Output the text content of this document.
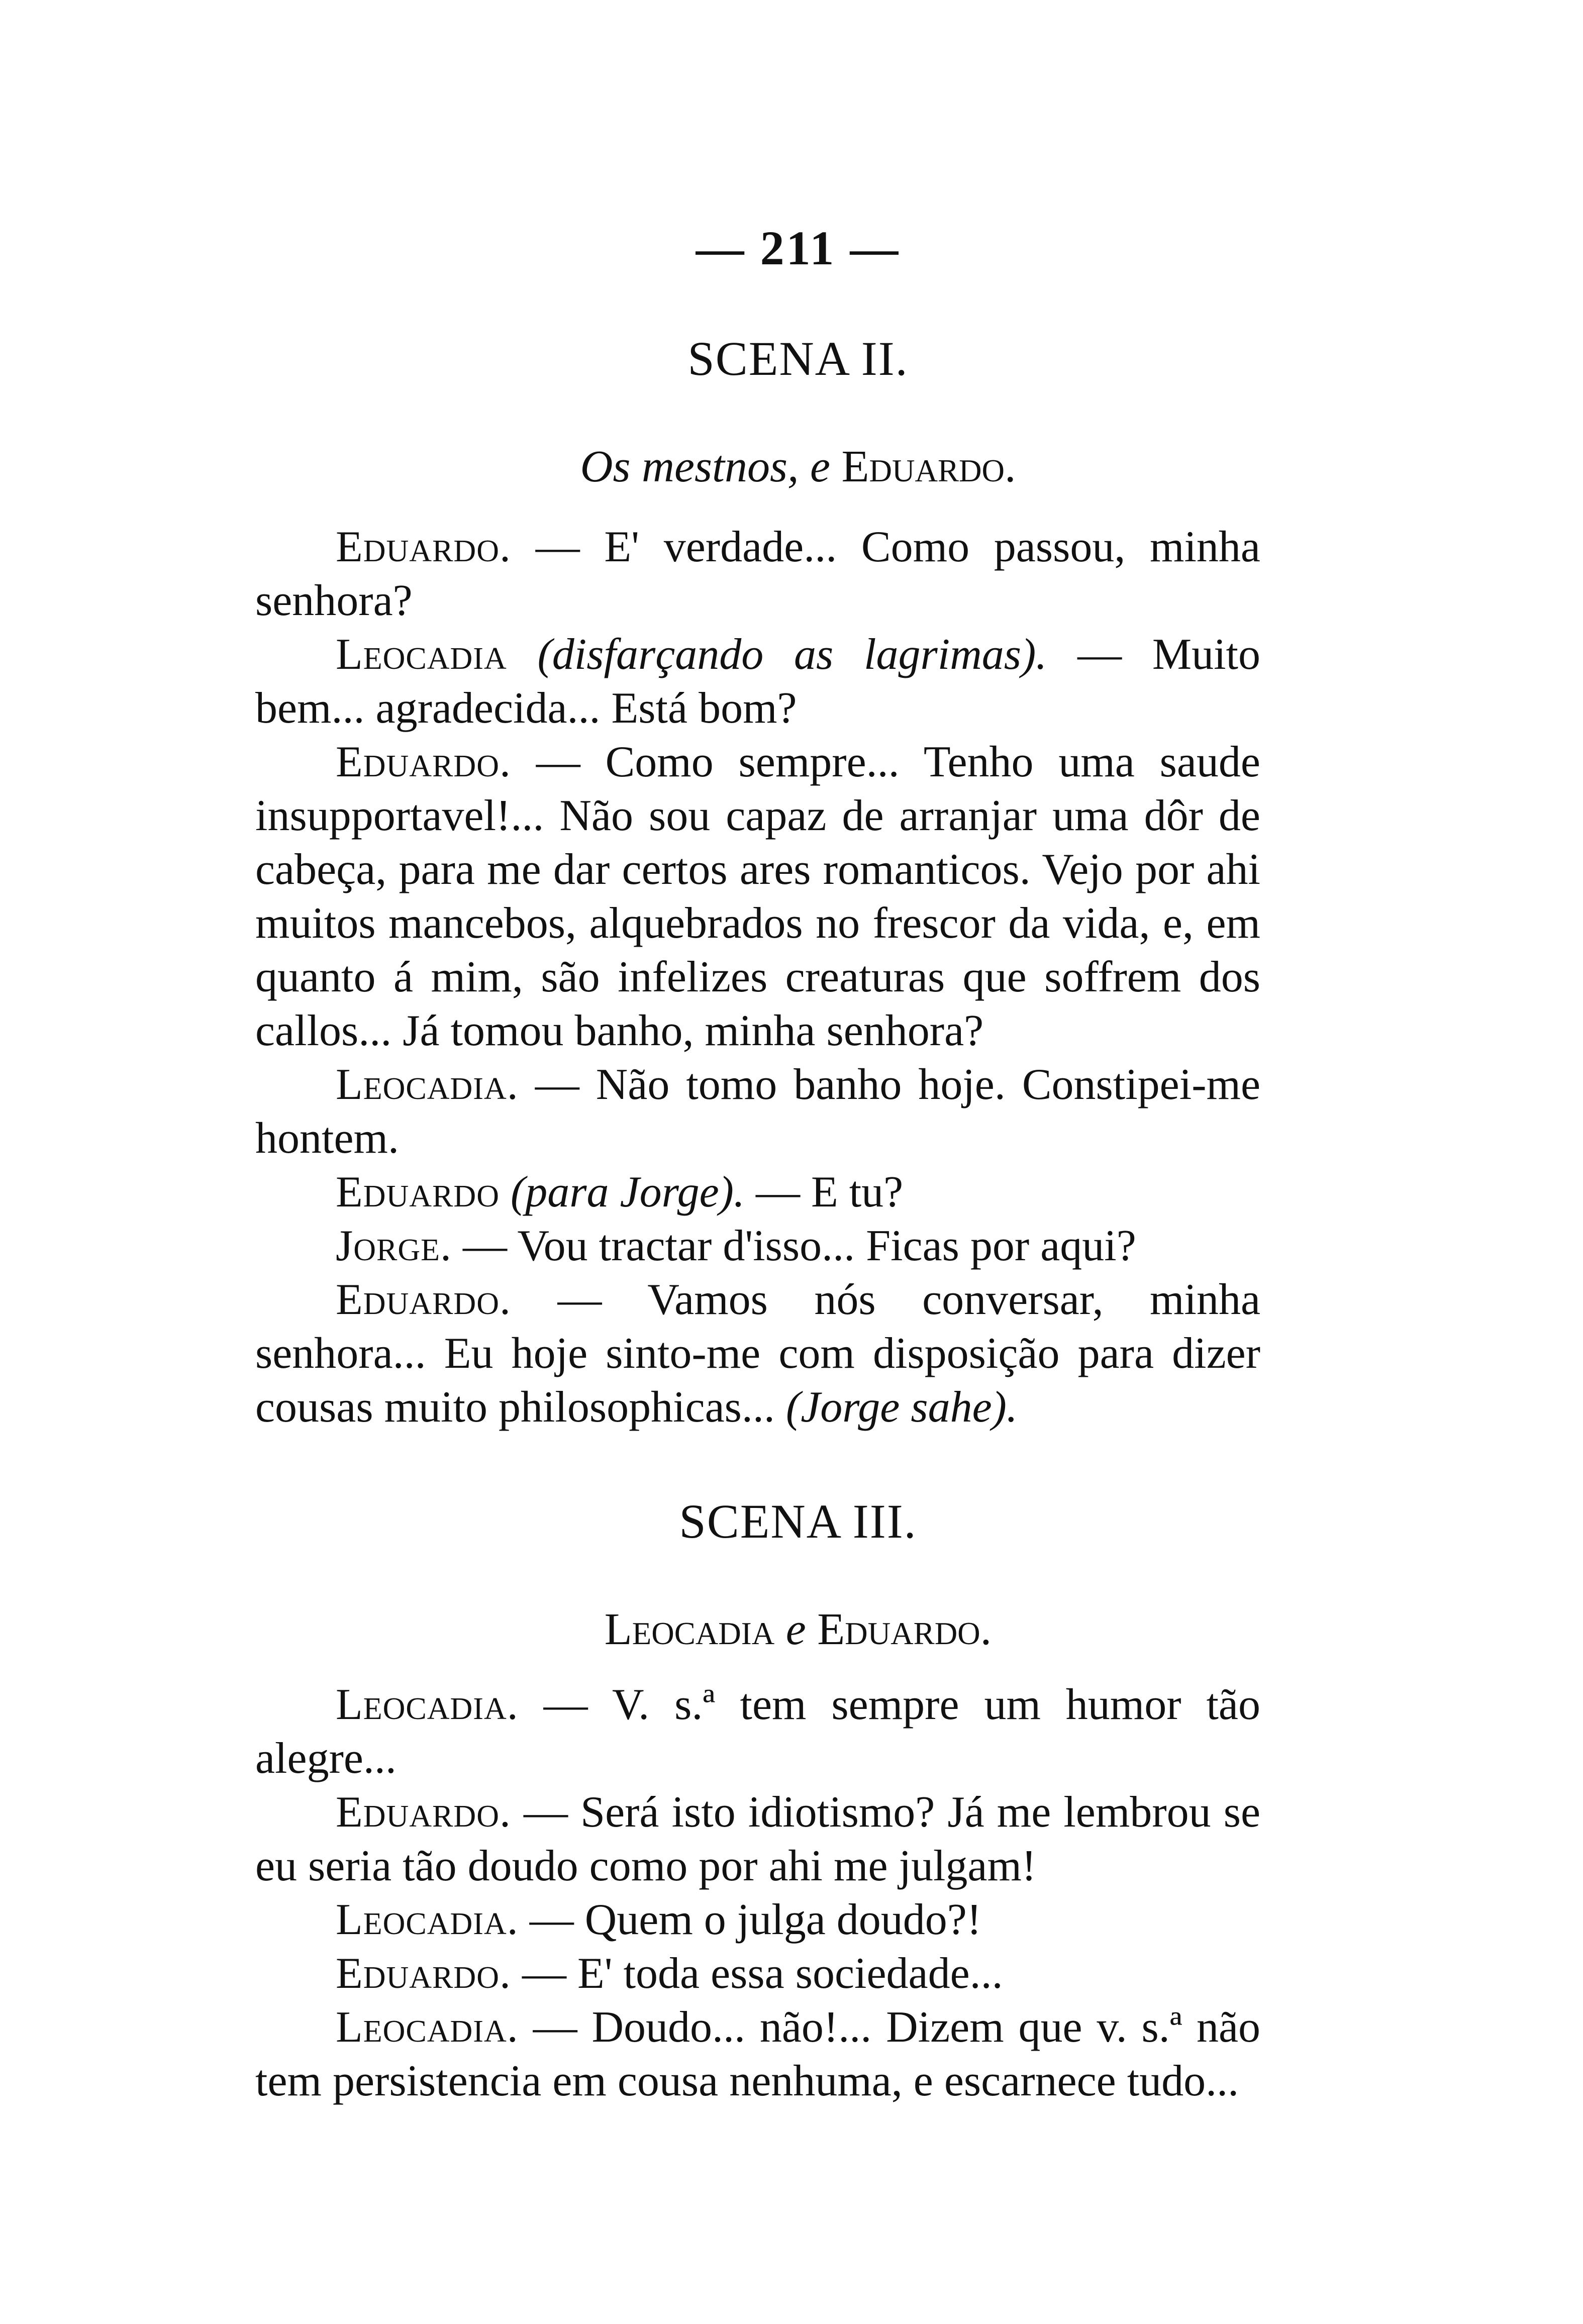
— 211 —
SCENA II.
Os mestnos, e Eduardo.

Eduardo. — E' verdade... Como passou, minha senhora?

Leocadia (disfarçando as lagrimas). — Muito bem... agradecida... Está bom?

Eduardo. — Como sempre... Tenho uma saude insupportavel!... Não sou capaz de arranjar uma dôr de cabeça, para me dar certos ares romanticos. Vejo por ahi muitos mancebos, alquebrados no frescor da vida, e, em quanto á mim, são infelizes creaturas que soffrem dos callos... Já tomou banho, minha senhora?

Leocadia. — Não tomo banho hoje. Constipei-me hontem.

Eduardo (para Jorge). — E tu?

Jorge. — Vou tractar d'isso... Ficas por aqui?

Eduardo. — Vamos nós conversar, minha senhora... Eu hoje sinto-me com disposição para dizer cousas muito philosophicas... (Jorge sahe).

SCENA III.
Leocadia e Eduardo.

Leocadia. — V. s.ª tem sempre um humor tão alegre...

Eduardo. — Será isto idiotismo? Já me lembrou se eu seria tão doudo como por ahi me julgam!

Leocadia. — Quem o julga doudo?!

Eduardo. — E' toda essa sociedade...

Leocadia. — Doudo... não!... Dizem que v. s.ª não tem persistencia em cousa nenhuma, e escarnece tudo...
